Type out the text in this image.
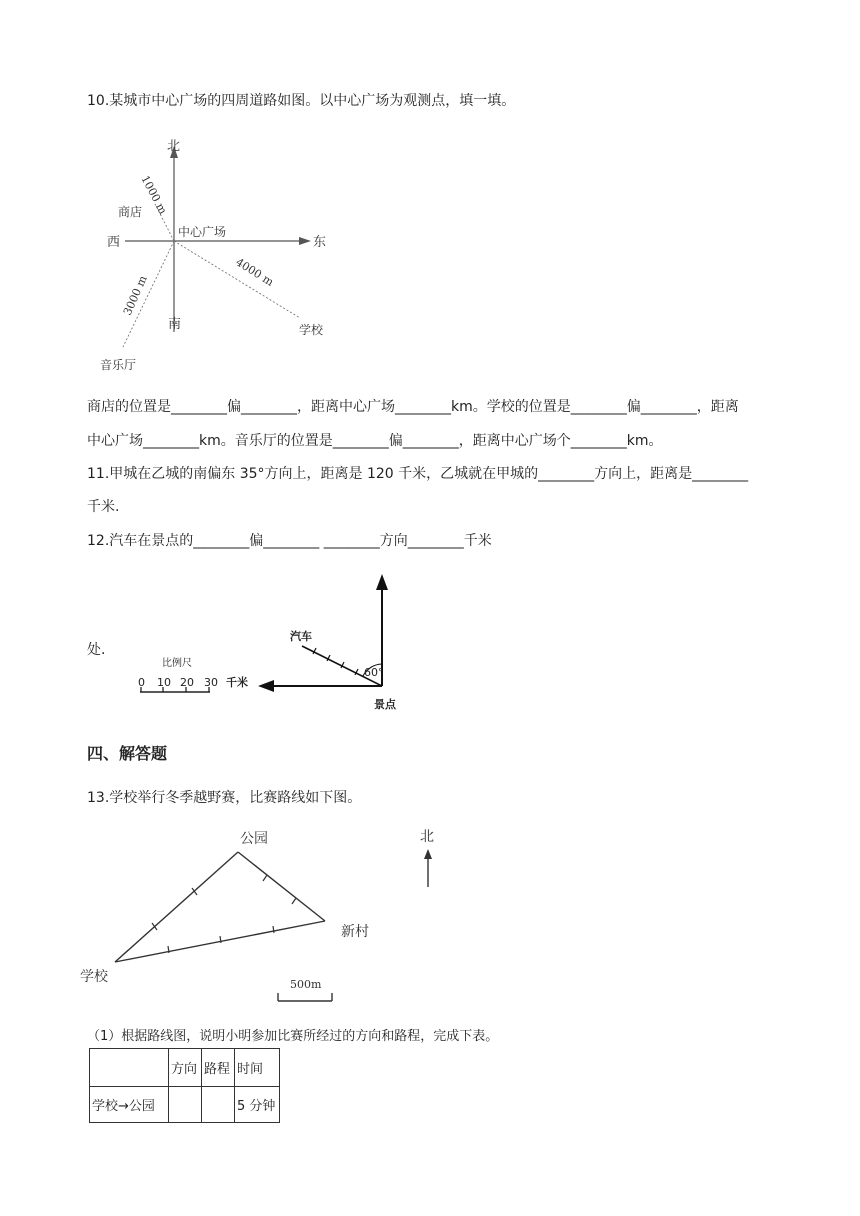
10.某城市中心广场的四周道路如图。以中心广场为观测点，填一填。
北
南
东
西
中心广场
商店
1000 m
4000 m
3000 m
学校
音乐厅
商店的位置是________偏________，距离中心广场________km。学校的位置是________偏________，距离
中心广场________km。音乐厅的位置是________偏________，距离中心广场个________km。
11.甲城在乙城的南偏东 35°方向上，距离是 120 千米，乙城就在甲城的________方向上，距离是________
千米.
12.汽车在景点的________偏________ ________方向________千米
处.
比例尺
0 10 20 30 千米
汽车
60°
景点
四、解答题
13.学校举行冬季越野赛，比赛路线如下图。
公园
新村
学校
北
500m
（1）根据路线图，说明小明参加比赛所经过的方向和路程，完成下表。
	方向	路程	时间
学校→公园			5 分钟
